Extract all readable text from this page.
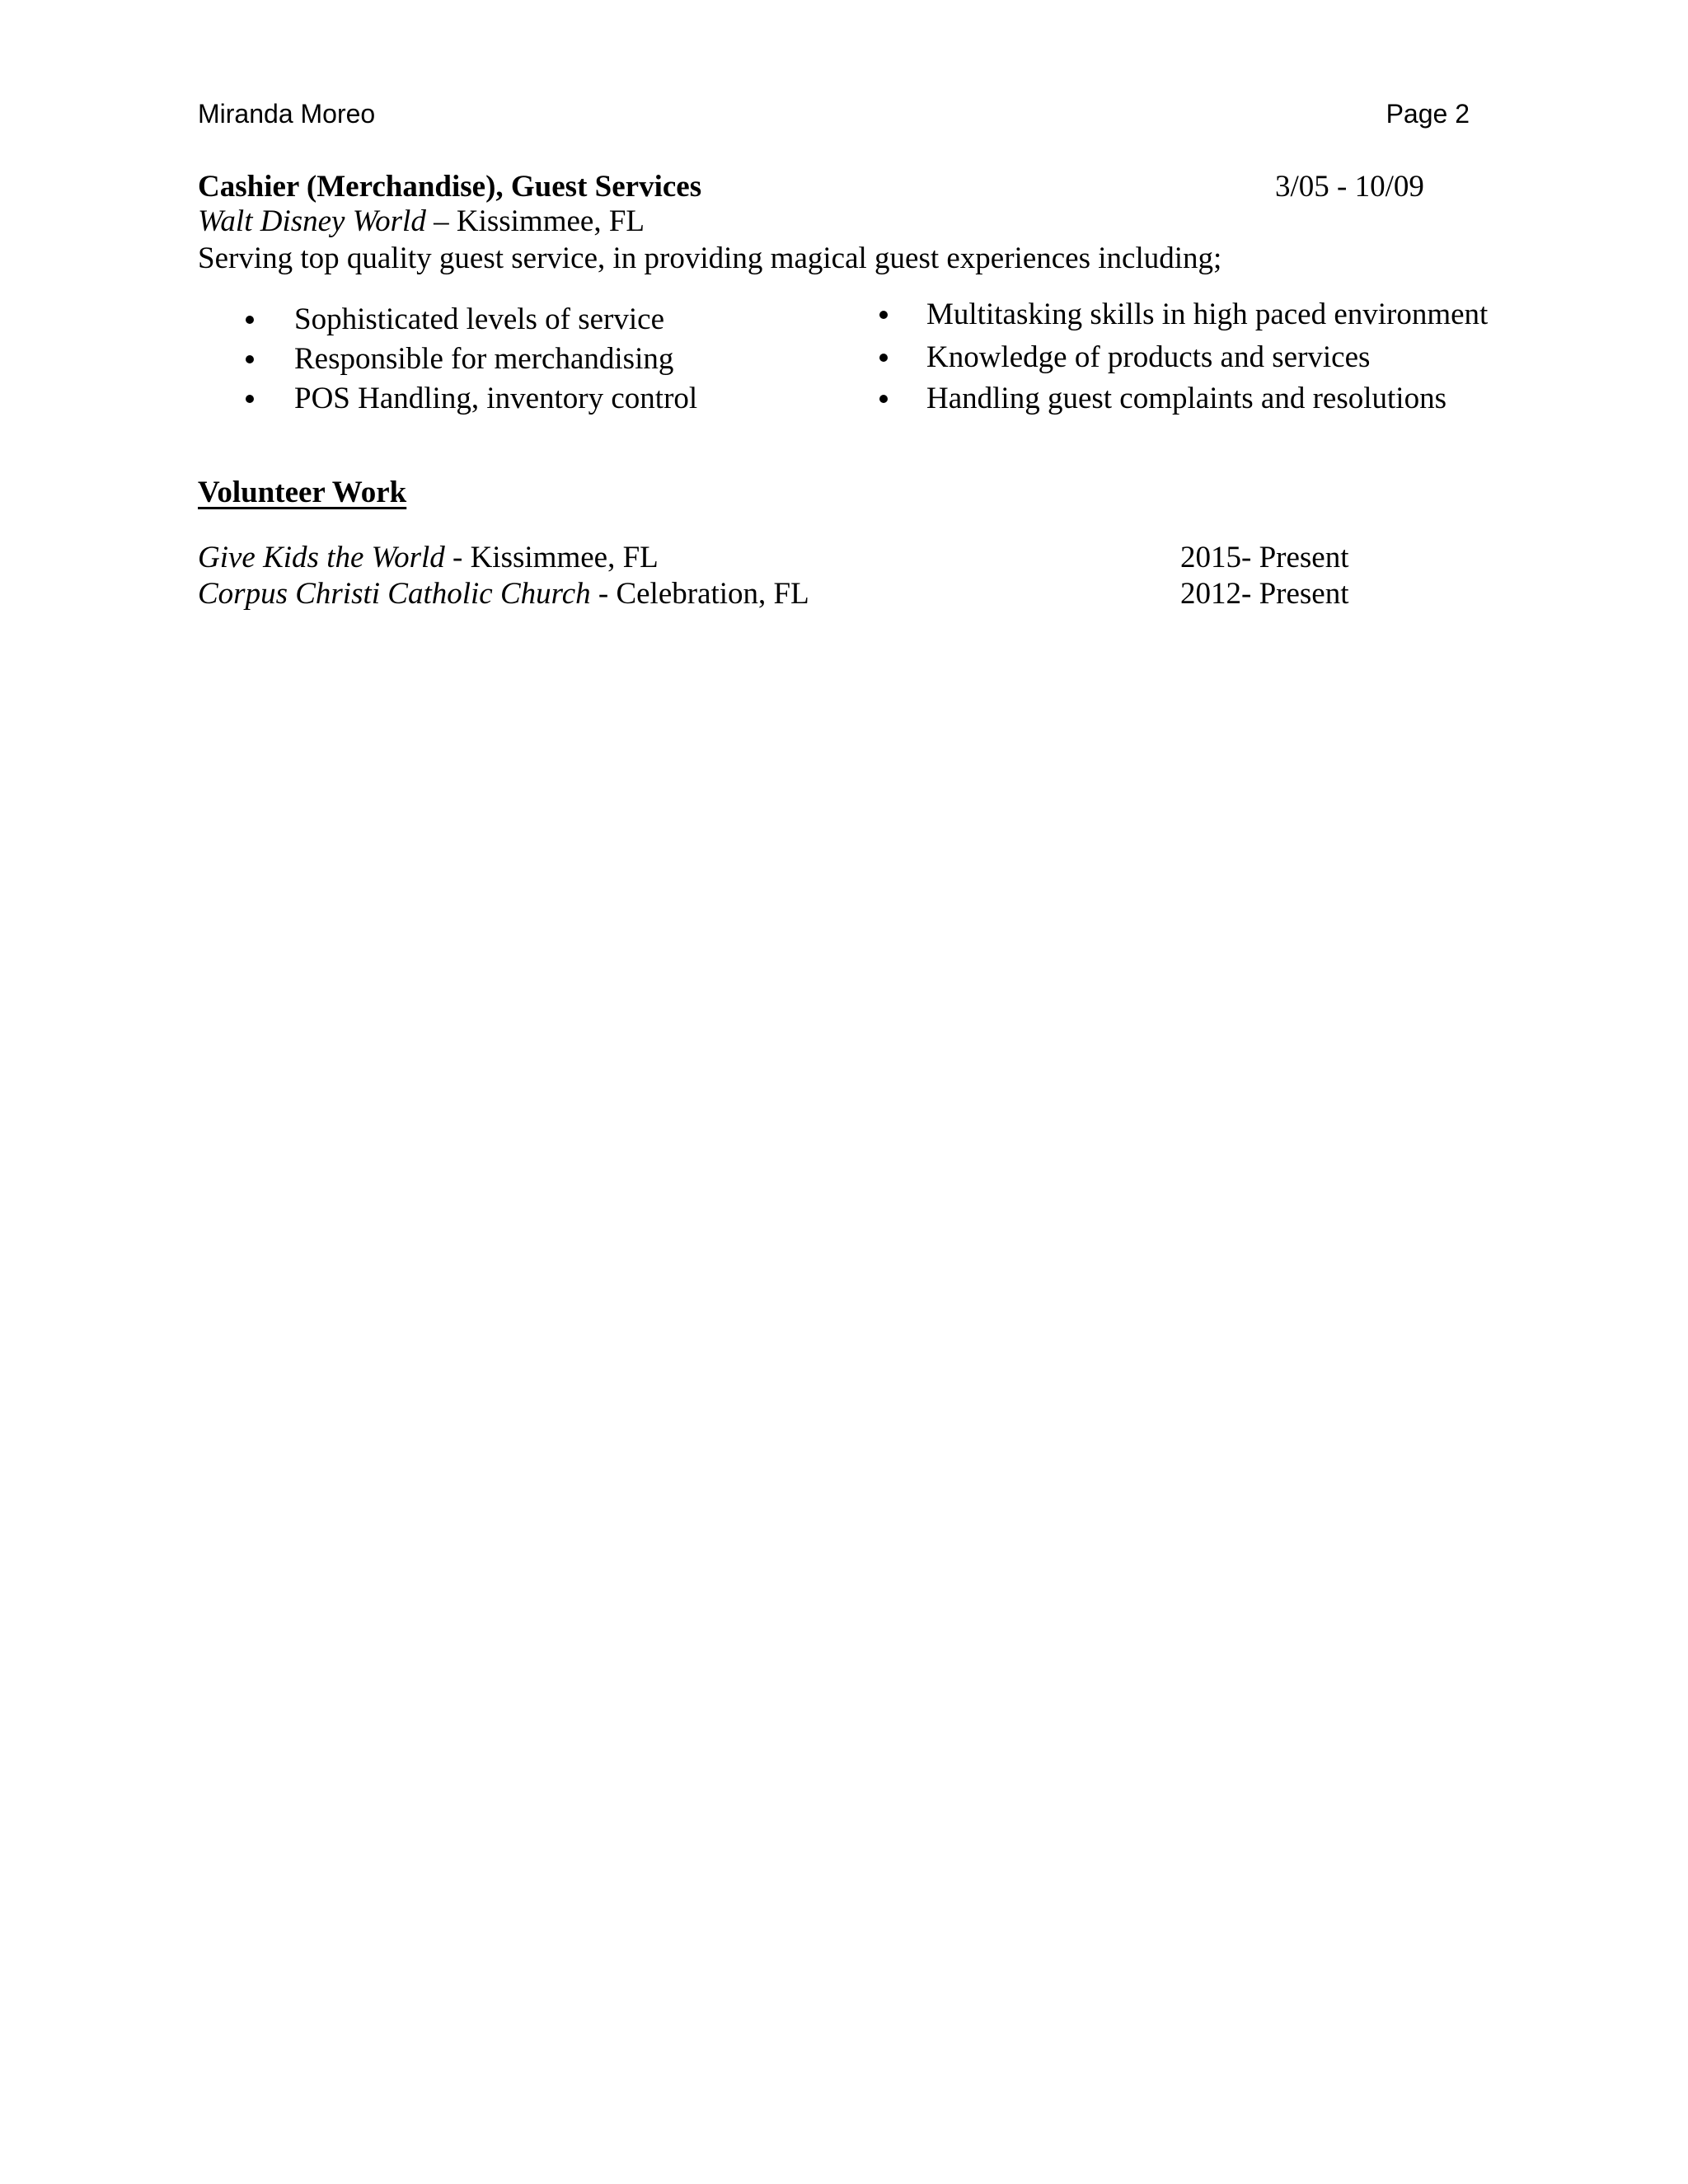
Miranda Moreo	Page 2
Cashier (Merchandise), Guest Services	3/05 - 10/09
Walt Disney World – Kissimmee, FL
Serving top quality guest service, in providing magical guest experiences including;
Sophisticated levels of service
Responsible for merchandising
POS Handling, inventory control
Multitasking skills in high paced environment
Knowledge of products and services
Handling guest complaints and resolutions
Volunteer Work
Give Kids the World - Kissimmee, FL	2015- Present
Corpus Christi Catholic Church - Celebration, FL	2012- Present
